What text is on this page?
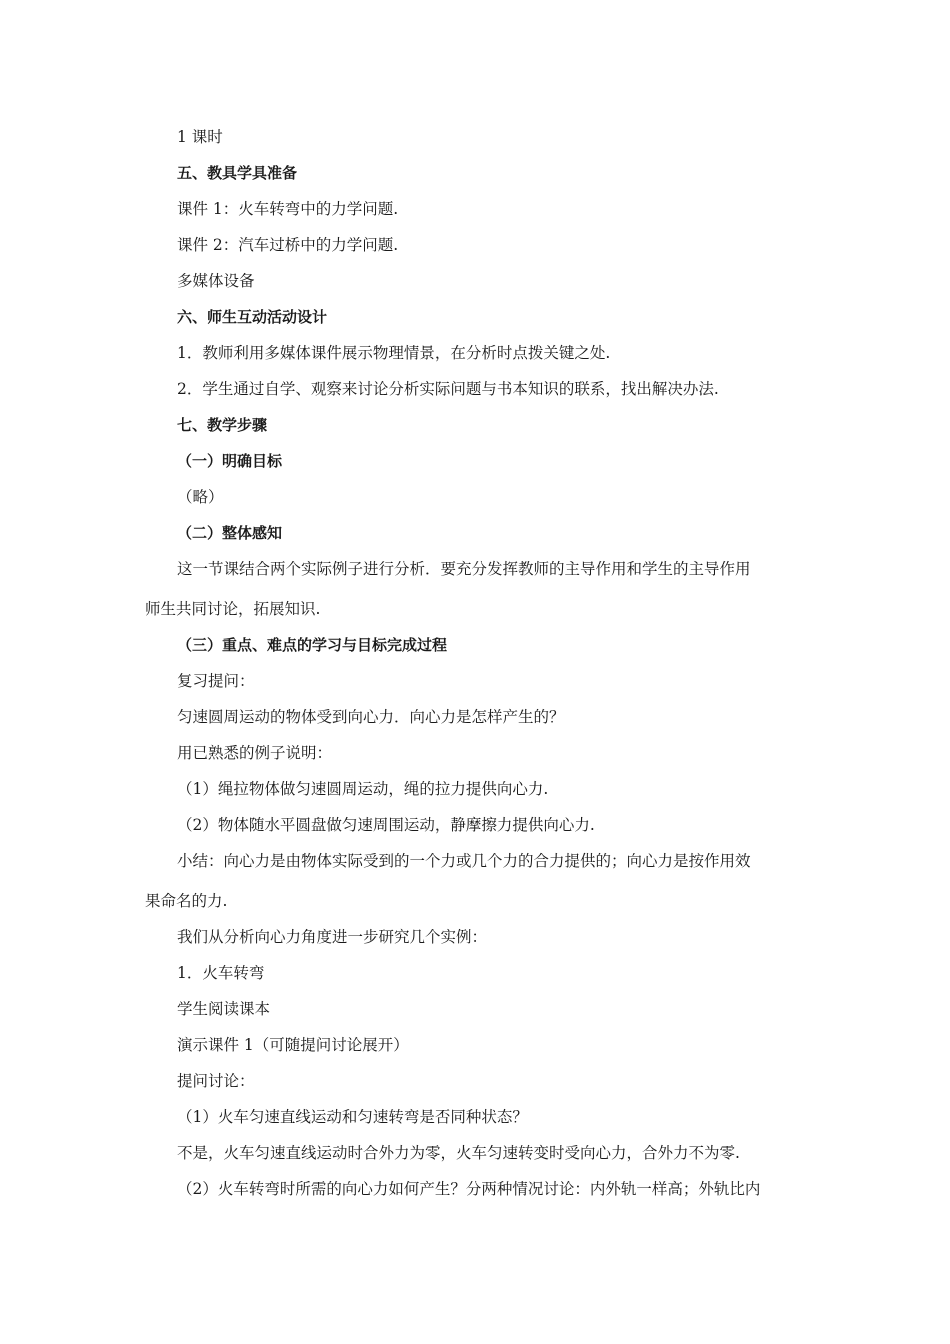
1 课时
五、教具学具准备
课件 1：火车转弯中的力学问题.
课件 2：汽车过桥中的力学问题.
多媒体设备
六、师生互动活动设计
1．教师利用多媒体课件展示物理情景，在分析时点拨关键之处.
2．学生通过自学、观察来讨论分析实际问题与书本知识的联系，找出解决办法.
七、教学步骤
（一）明确目标
（略）
（二）整体感知
这一节课结合两个实际例子进行分析．要充分发挥教师的主导作用和学生的主导作用
师生共同讨论，拓展知识.
（三）重点、难点的学习与目标完成过程
复习提问：
匀速圆周运动的物体受到向心力．向心力是怎样产生的？
用已熟悉的例子说明：
（1）绳拉物体做匀速圆周运动，绳的拉力提供向心力.
（2）物体随水平圆盘做匀速周围运动，静摩擦力提供向心力.
小结：向心力是由物体实际受到的一个力或几个力的合力提供的；向心力是按作用效
果命名的力.
我们从分析向心力角度进一步研究几个实例：
1．火车转弯
学生阅读课本
演示课件 1（可随提问讨论展开）
提问讨论：
（1）火车匀速直线运动和匀速转弯是否同种状态？
不是，火车匀速直线运动时合外力为零，火车匀速转变时受向心力，合外力不为零.
（2）火车转弯时所需的向心力如何产生？分两种情况讨论：内外轨一样高；外轨比内
